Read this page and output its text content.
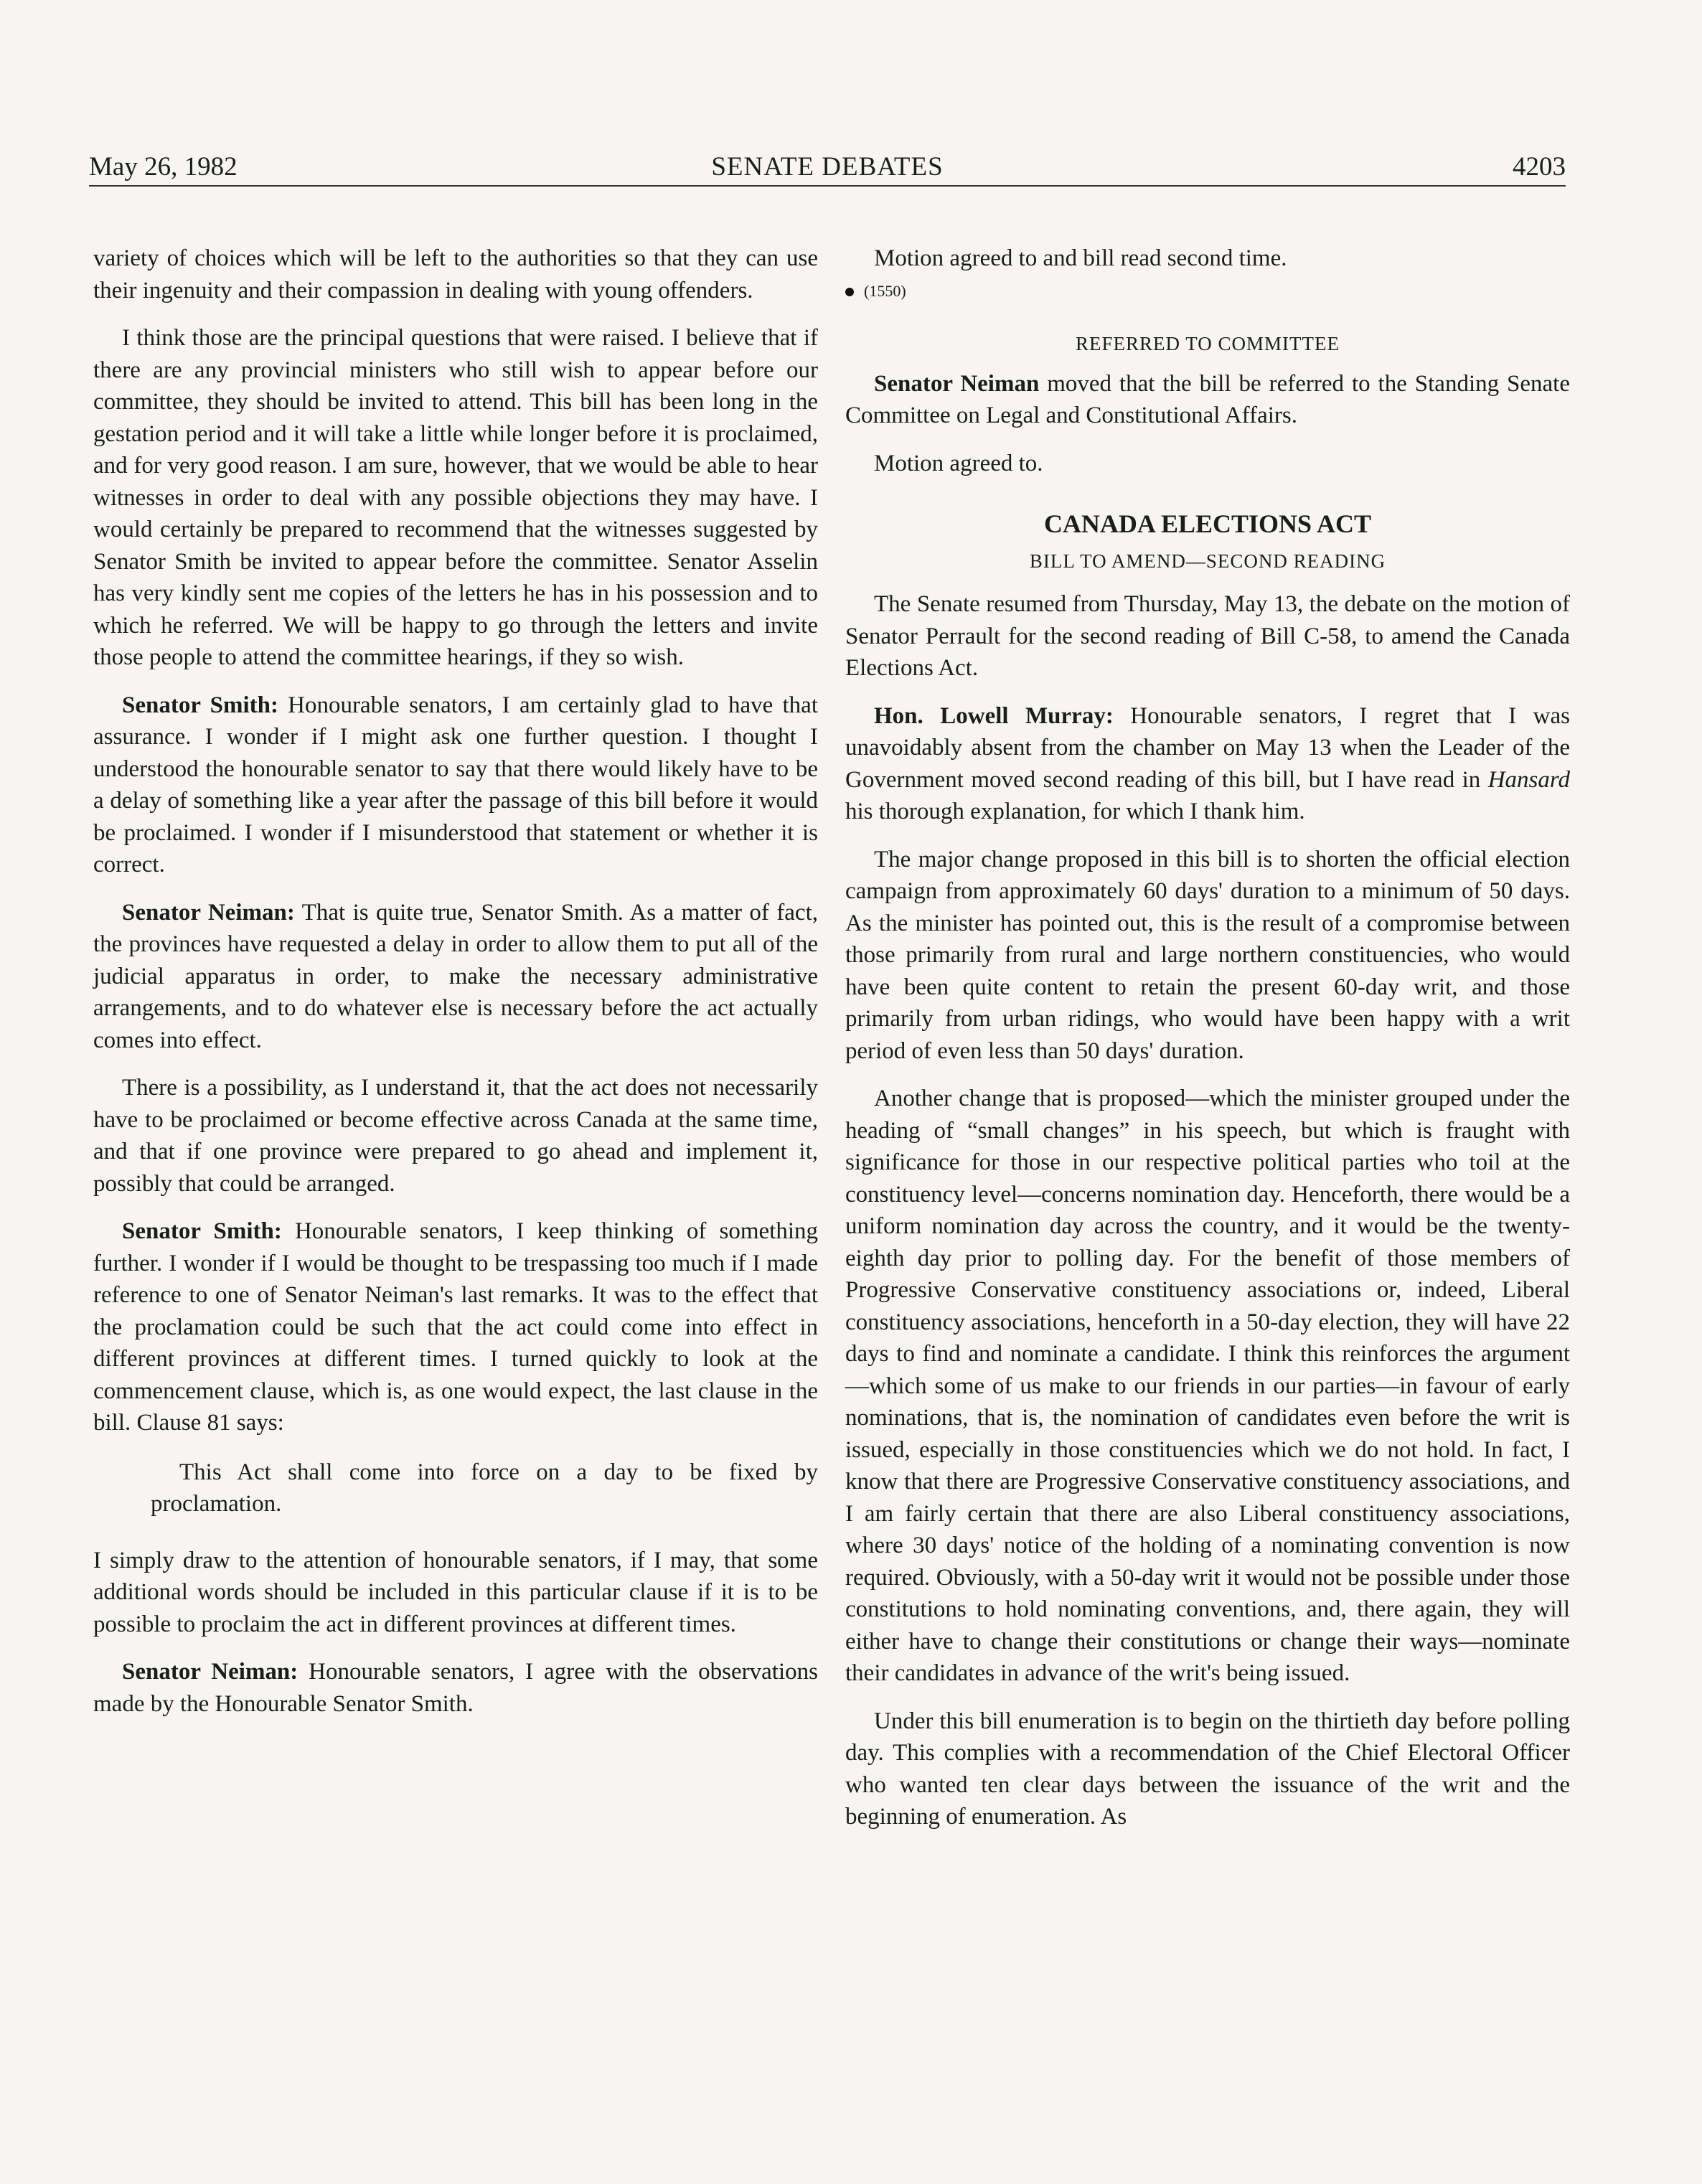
May 26, 1982	SENATE DEBATES	4203

variety of choices which will be left to the authorities so that they can use their ingenuity and their compassion in dealing with young offenders.

I think those are the principal questions that were raised. I believe that if there are any provincial ministers who still wish to appear before our committee, they should be invited to attend. This bill has been long in the gestation period and it will take a little while longer before it is proclaimed, and for very good reason. I am sure, however, that we would be able to hear witnesses in order to deal with any possible objections they may have. I would certainly be prepared to recommend that the witnesses suggested by Senator Smith be invited to appear before the committee. Senator Asselin has very kindly sent me copies of the letters he has in his possession and to which he referred. We will be happy to go through the letters and invite those people to attend the committee hearings, if they so wish.

Senator Smith: Honourable senators, I am certainly glad to have that assurance. I wonder if I might ask one further question. I thought I understood the honourable senator to say that there would likely have to be a delay of something like a year after the passage of this bill before it would be proclaimed. I wonder if I misunderstood that statement or whether it is correct.

Senator Neiman: That is quite true, Senator Smith. As a matter of fact, the provinces have requested a delay in order to allow them to put all of the judicial apparatus in order, to make the necessary administrative arrangements, and to do whatever else is necessary before the act actually comes into effect.

There is a possibility, as I understand it, that the act does not necessarily have to be proclaimed or become effective across Canada at the same time, and that if one province were prepared to go ahead and implement it, possibly that could be arranged.

Senator Smith: Honourable senators, I keep thinking of something further. I wonder if I would be thought to be trespassing too much if I made reference to one of Senator Neiman's last remarks. It was to the effect that the proclamation could be such that the act could come into effect in different provinces at different times. I turned quickly to look at the commencement clause, which is, as one would expect, the last clause in the bill. Clause 81 says:

This Act shall come into force on a day to be fixed by proclamation.

I simply draw to the attention of honourable senators, if I may, that some additional words should be included in this particular clause if it is to be possible to proclaim the act in different provinces at different times.

Senator Neiman: Honourable senators, I agree with the observations made by the Honourable Senator Smith.

Motion agreed to and bill read second time.

(1550)
REFERRED TO COMMITTEE

Senator Neiman moved that the bill be referred to the Standing Senate Committee on Legal and Constitutional Affairs.

Motion agreed to.

CANADA ELECTIONS ACT
BILL TO AMEND—SECOND READING

The Senate resumed from Thursday, May 13, the debate on the motion of Senator Perrault for the second reading of Bill C-58, to amend the Canada Elections Act.

Hon. Lowell Murray: Honourable senators, I regret that I was unavoidably absent from the chamber on May 13 when the Leader of the Government moved second reading of this bill, but I have read in Hansard his thorough explanation, for which I thank him.

The major change proposed in this bill is to shorten the official election campaign from approximately 60 days' duration to a minimum of 50 days. As the minister has pointed out, this is the result of a compromise between those primarily from rural and large northern constituencies, who would have been quite content to retain the present 60-day writ, and those primarily from urban ridings, who would have been happy with a writ period of even less than 50 days' duration.

Another change that is proposed—which the minister grouped under the heading of “small changes” in his speech, but which is fraught with significance for those in our respective political parties who toil at the constituency level—concerns nomination day. Henceforth, there would be a uniform nomination day across the country, and it would be the twenty-eighth day prior to polling day. For the benefit of those members of Progressive Conservative constituency associations or, indeed, Liberal constituency associations, henceforth in a 50-day election, they will have 22 days to find and nominate a candidate. I think this reinforces the argument—which some of us make to our friends in our parties—in favour of early nominations, that is, the nomination of candidates even before the writ is issued, especially in those constituencies which we do not hold. In fact, I know that there are Progressive Conservative constituency associations, and I am fairly certain that there are also Liberal constituency associations, where 30 days' notice of the holding of a nominating convention is now required. Obviously, with a 50-day writ it would not be possible under those constitutions to hold nominating conventions, and, there again, they will either have to change their constitutions or change their ways—nominate their candidates in advance of the writ's being issued.

Under this bill enumeration is to begin on the thirtieth day before polling day. This complies with a recommendation of the Chief Electoral Officer who wanted ten clear days between the issuance of the writ and the beginning of enumeration. As
